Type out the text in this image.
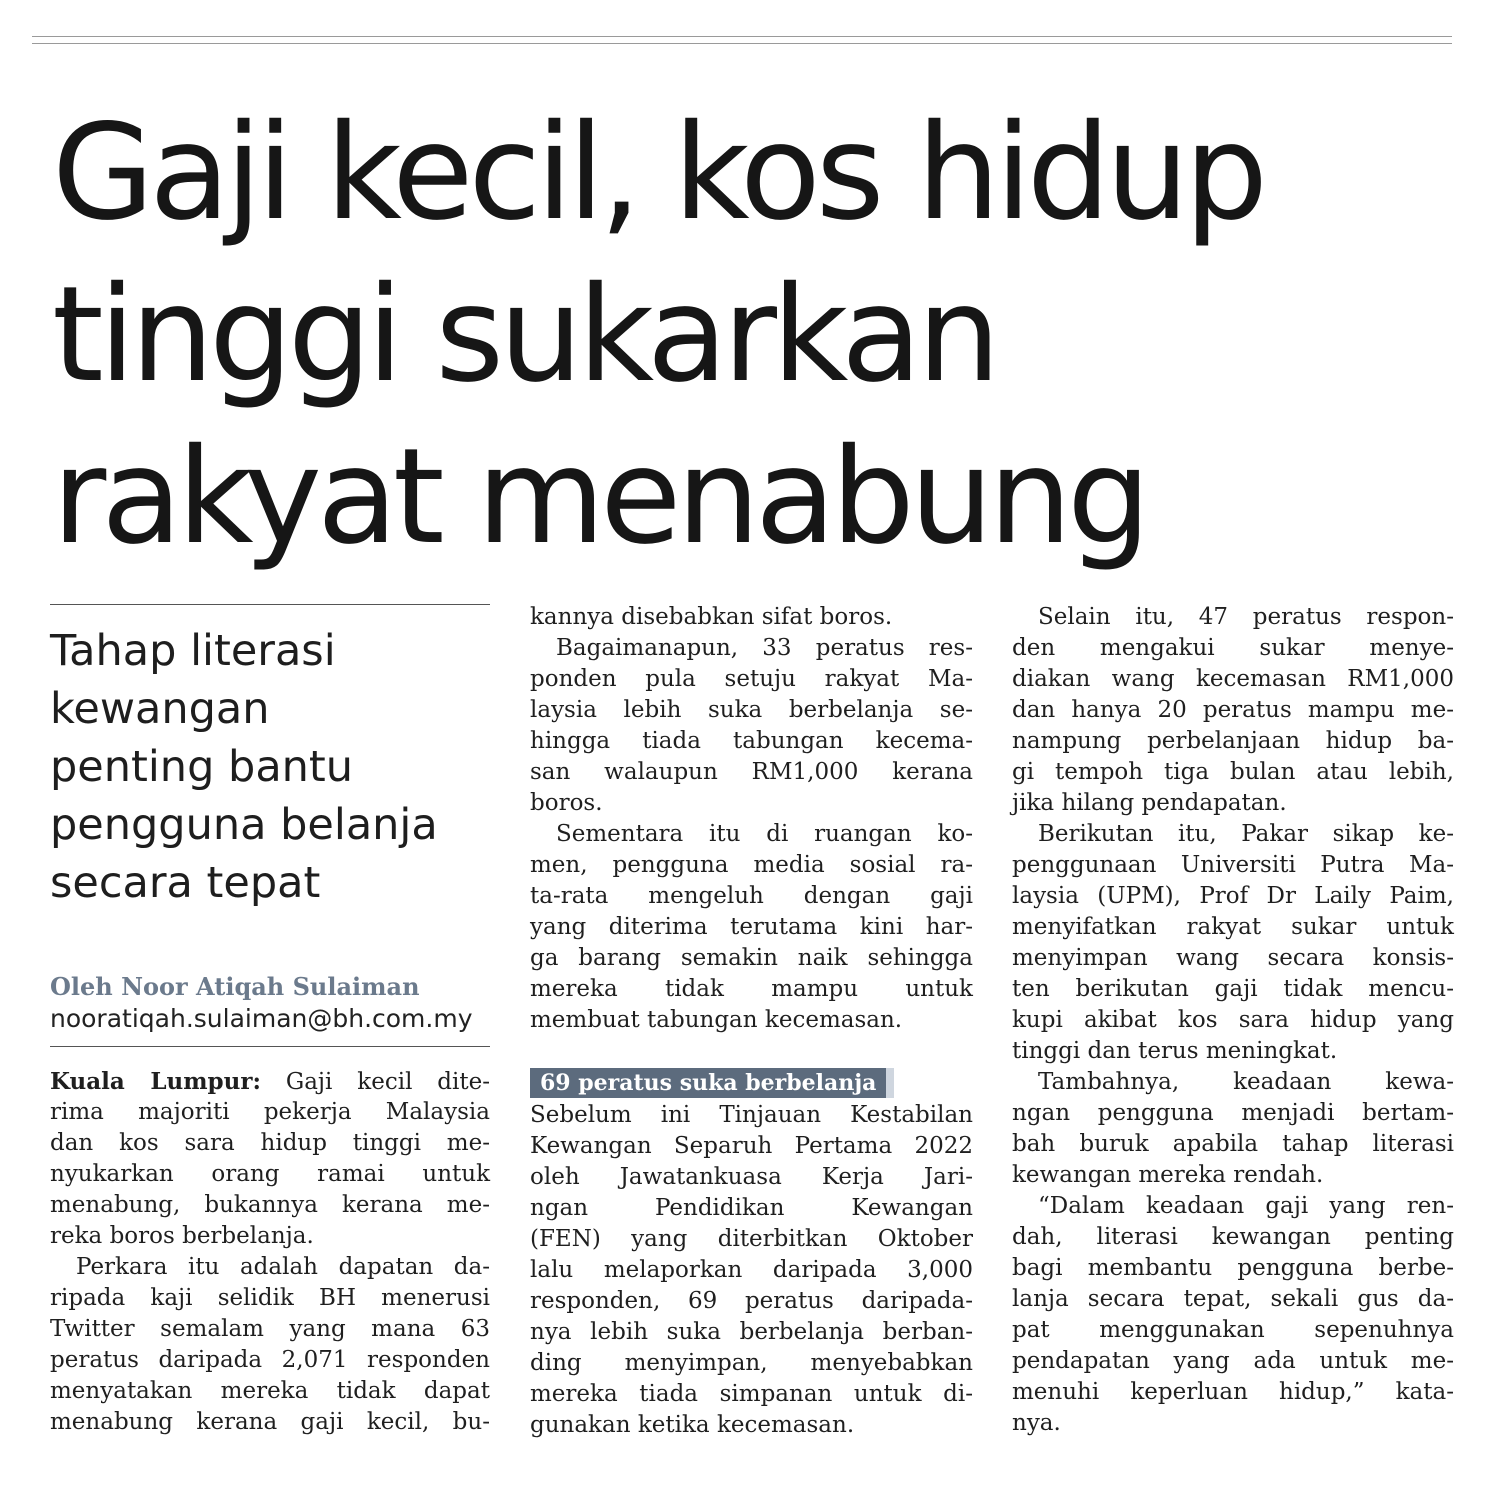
Gaji kecil, kos hidup
tinggi sukarkan
rakyat menabung
Tahap literasi
kewangan
penting bantu
pengguna belanja
secara tepat

Oleh Noor Atiqah Sulaiman

nooratiqah.sulaiman@bh.com.my

Kuala Lumpur: Gaji kecil dite-
rima majoriti pekerja Malaysia
dan kos sara hidup tinggi me-
nyukarkan orang ramai untuk
menabung, bukannya kerana me-
reka boros berbelanja.
Perkara itu adalah dapatan da-
ripada kaji selidik BH menerusi
Twitter semalam yang mana 63
peratus daripada 2,071 responden
menyatakan mereka tidak dapat
menabung kerana gaji kecil, bu-
kannya disebabkan sifat boros.
Bagaimanapun, 33 peratus res-
ponden pula setuju rakyat Ma-
laysia lebih suka berbelanja se-
hingga tiada tabungan kecema-
san walaupun RM1,000 kerana
boros.
Sementara itu di ruangan ko-
men, pengguna media sosial ra-
ta-rata mengeluh dengan gaji
yang diterima terutama kini har-
ga barang semakin naik sehingga
mereka tidak mampu untuk
membuat tabungan kecemasan.
69 peratus suka berbelanja
Sebelum ini Tinjauan Kestabilan
Kewangan Separuh Pertama 2022
oleh Jawatankuasa Kerja Jari-
ngan Pendidikan Kewangan
(FEN) yang diterbitkan Oktober
lalu melaporkan daripada 3,000
responden, 69 peratus daripada-
nya lebih suka berbelanja berban-
ding menyimpan, menyebabkan
mereka tiada simpanan untuk di-
gunakan ketika kecemasan.
Selain itu, 47 peratus respon-
den mengakui sukar menye-
diakan wang kecemasan RM1,000
dan hanya 20 peratus mampu me-
nampung perbelanjaan hidup ba-
gi tempoh tiga bulan atau lebih,
jika hilang pendapatan.
Berikutan itu, Pakar sikap ke-
penggunaan Universiti Putra Ma-
laysia (UPM), Prof Dr Laily Paim,
menyifatkan rakyat sukar untuk
menyimpan wang secara konsis-
ten berikutan gaji tidak mencu-
kupi akibat kos sara hidup yang
tinggi dan terus meningkat.
Tambahnya, keadaan kewa-
ngan pengguna menjadi bertam-
bah buruk apabila tahap literasi
kewangan mereka rendah.
“Dalam keadaan gaji yang ren-
dah, literasi kewangan penting
bagi membantu pengguna berbe-
lanja secara tepat, sekali gus da-
pat menggunakan sepenuhnya
pendapatan yang ada untuk me-
menuhi keperluan hidup,” kata-
nya.
